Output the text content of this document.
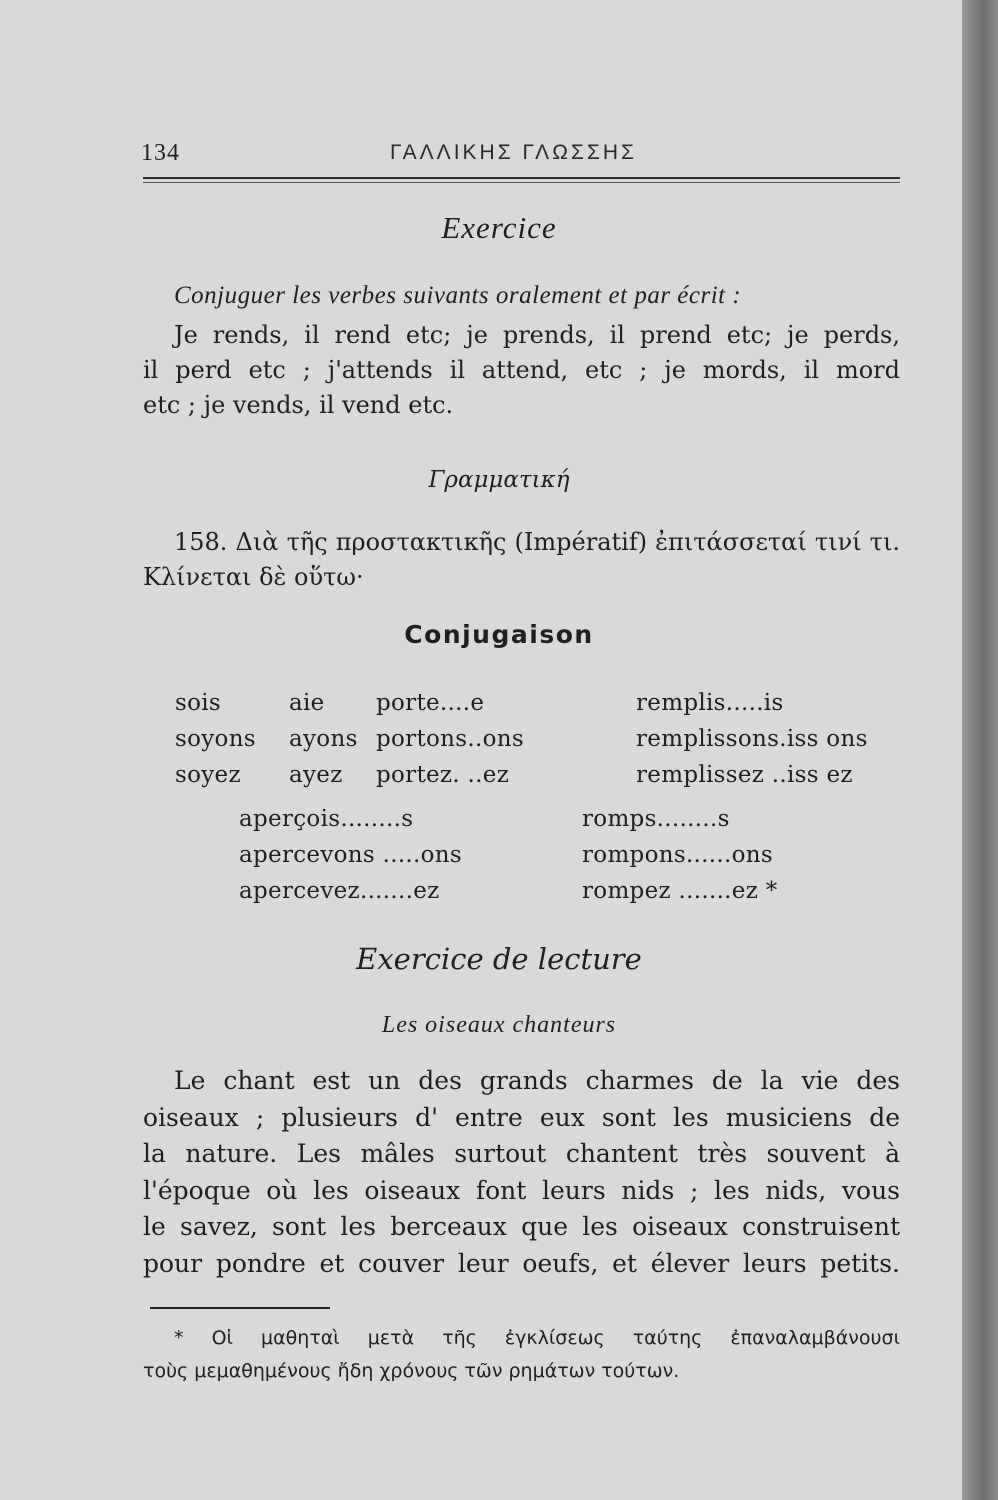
134	ΓΑΛΛΙΚΗΣ ΓΛΩΣΣΗΣ
Exercice
Conjuguer les verbes suivants oralement et par écrit :
Je rends, il rend etc; je prends, il prend etc; je perds,
il perd etc ; j'attends il attend, etc ; je mords, il mord
etc ; je vends, il vend etc.
Γραμματική
158. Διὰ τῆς προστακτικῆς (Impératif) ἐπιτάσσεταί τινί τι.
Κλίνεται δὲ οὕτω·
Conjugaison
sois	aie porte....e	remplis.....is
soyons ayons portons..ons	remplissons.iss ons
soyez ayez portez. ..ez	remplissez ..iss ez
aperçois........s	romps........s
apercevons .....ons	rompons......ons
apercevez.......ez	rompez .......ez *
Exercice de lecture
Les oiseaux chanteurs
Le chant est un des grands charmes de la vie des
oiseaux ; plusieurs d' entre eux sont les musiciens de
la nature. Les mâles surtout chantent très souvent à
l'époque où les oiseaux font leurs nids ; les nids, vous
le savez, sont les berceaux que les oiseaux construisent
pour pondre et couver leur oeufs, et élever leurs petits.
* Οἱ μαθηταὶ μετὰ τῆς ἐγκλίσεως ταύτης ἐπαναλαμβάνουσι
τοὺς μεμαθημένους ἤδη χρόνους τῶν ρημάτων τούτων.
